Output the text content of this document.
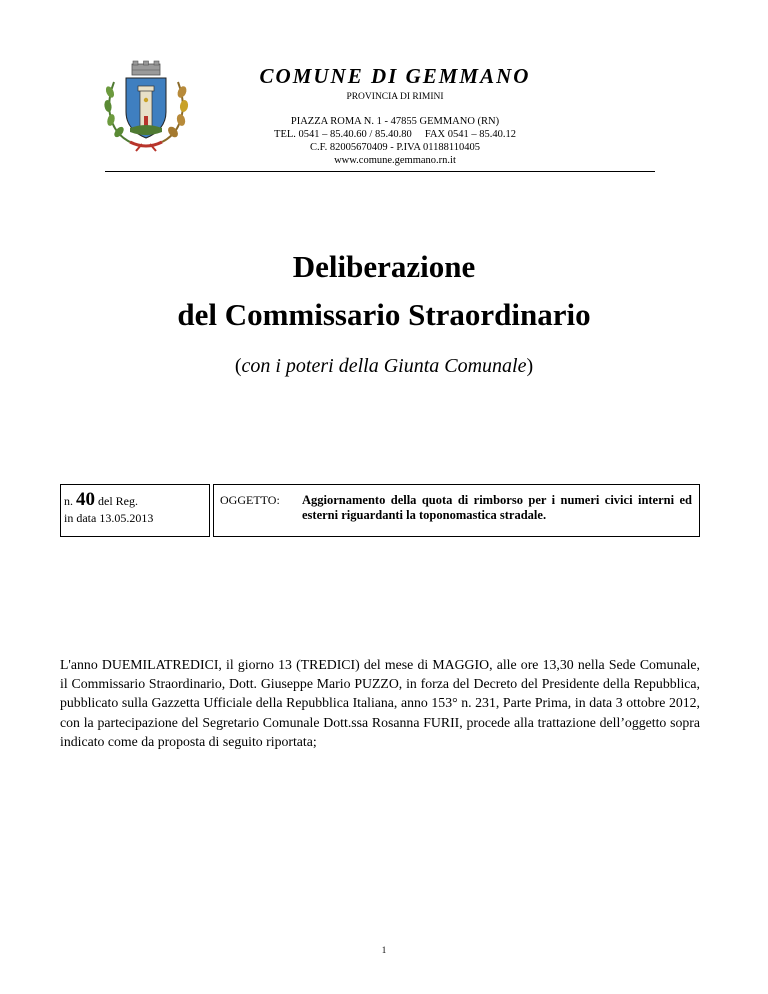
COMUNE DI GEMMANO
PROVINCIA DI RIMINI
PIAZZA ROMA N. 1 - 47855 GEMMANO (RN)
TEL. 0541 – 85.40.60 / 85.40.80 FAX 0541 – 85.40.12
C.F. 82005670409 - P.IVA 01188110405
www.comune.gemmano.rn.it
Deliberazione
del Commissario Straordinario
(con i poteri della Giunta Comunale)
n. 40 del Reg.
in data 13.05.2013
OGGETTO: Aggiornamento della quota di rimborso per i numeri civici interni ed esterni riguardanti la toponomastica stradale.

L'anno DUEMILATREDICI, il giorno 13 (TREDICI) del mese di MAGGIO, alle ore 13,30 nella Sede Comunale, il Commissario Straordinario, Dott. Giuseppe Mario PUZZO, in forza del Decreto del Presidente della Repubblica, pubblicato sulla Gazzetta Ufficiale della Repubblica Italiana, anno 153° n. 231, Parte Prima, in data 3 ottobre 2012, con la partecipazione del Segretario Comunale Dott.ssa Rosanna FURII, procede alla trattazione dell’oggetto sopra indicato come da proposta di seguito riportata;

1
